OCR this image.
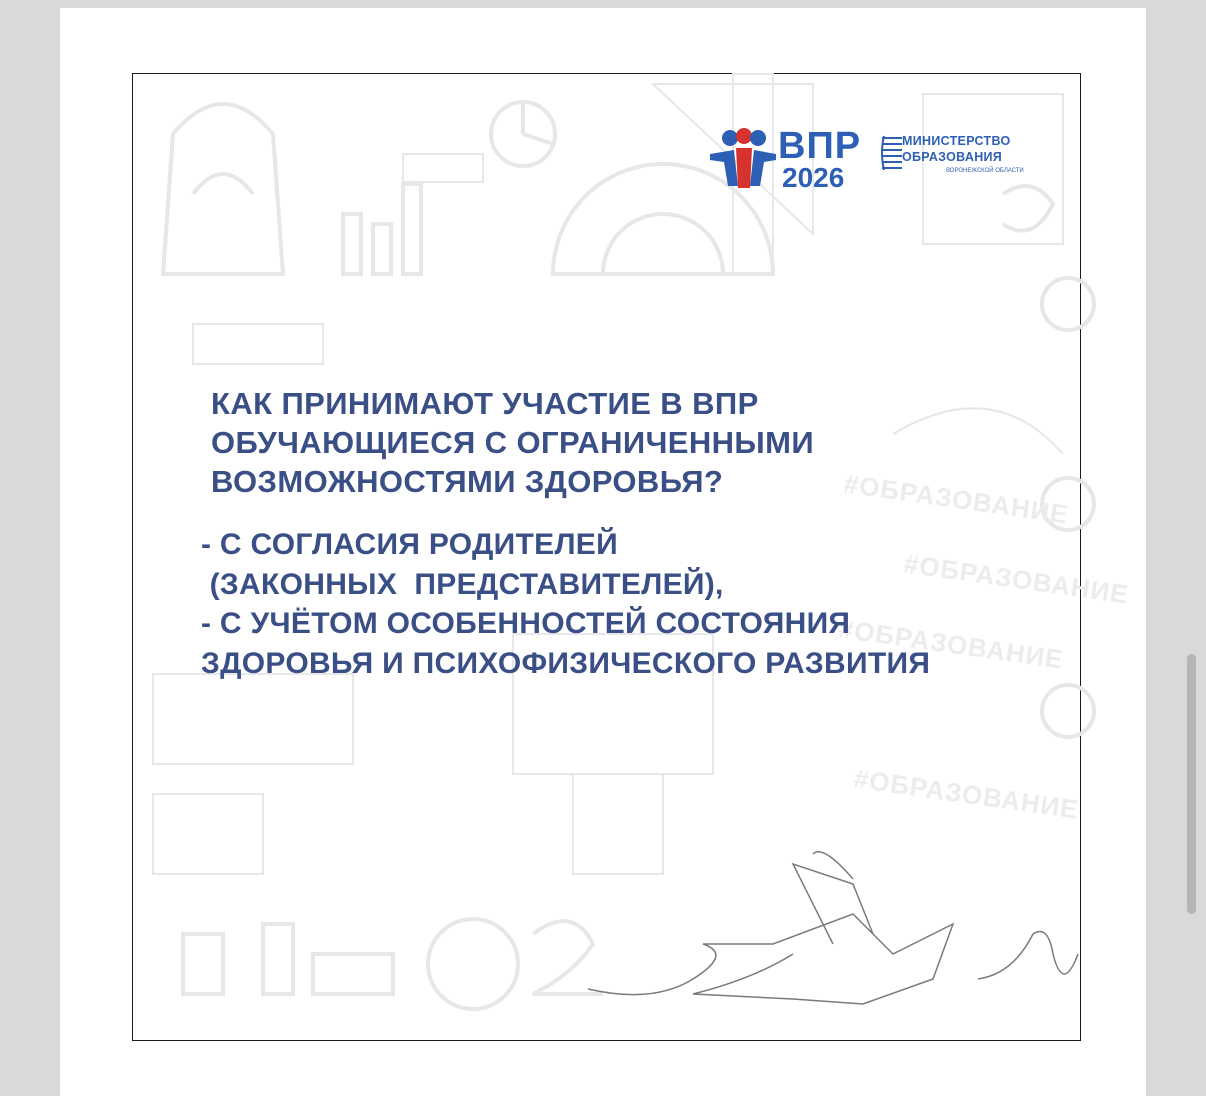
#ОБРАЗОВАНИЕ
#ОБРАЗОВАНИЕ
#ОБРАЗОВАНИЕ
#ОБРАЗОВАНИЕ
ВПР
2026
МИНИСТЕРСТВО
ОБРАЗОВАНИЯ
ВОРОНЕЖСКОЙ ОБЛАСТИ
КАК ПРИНИМАЮТ УЧАСТИЕ В ВПР
ОБУЧАЮЩИЕСЯ С ОГРАНИЧЕННЫМИ
ВОЗМОЖНОСТЯМИ ЗДОРОВЬЯ?
- С СОГЛАСИЯ РОДИТЕЛЕЙ
(ЗАКОННЫХ  ПРЕДСТАВИТЕЛЕЙ),
- С УЧЁТОМ ОСОБЕННОСТЕЙ СОСТОЯНИЯ
ЗДОРОВЬЯ И ПСИХОФИЗИЧЕСКОГО РАЗВИТИЯ
